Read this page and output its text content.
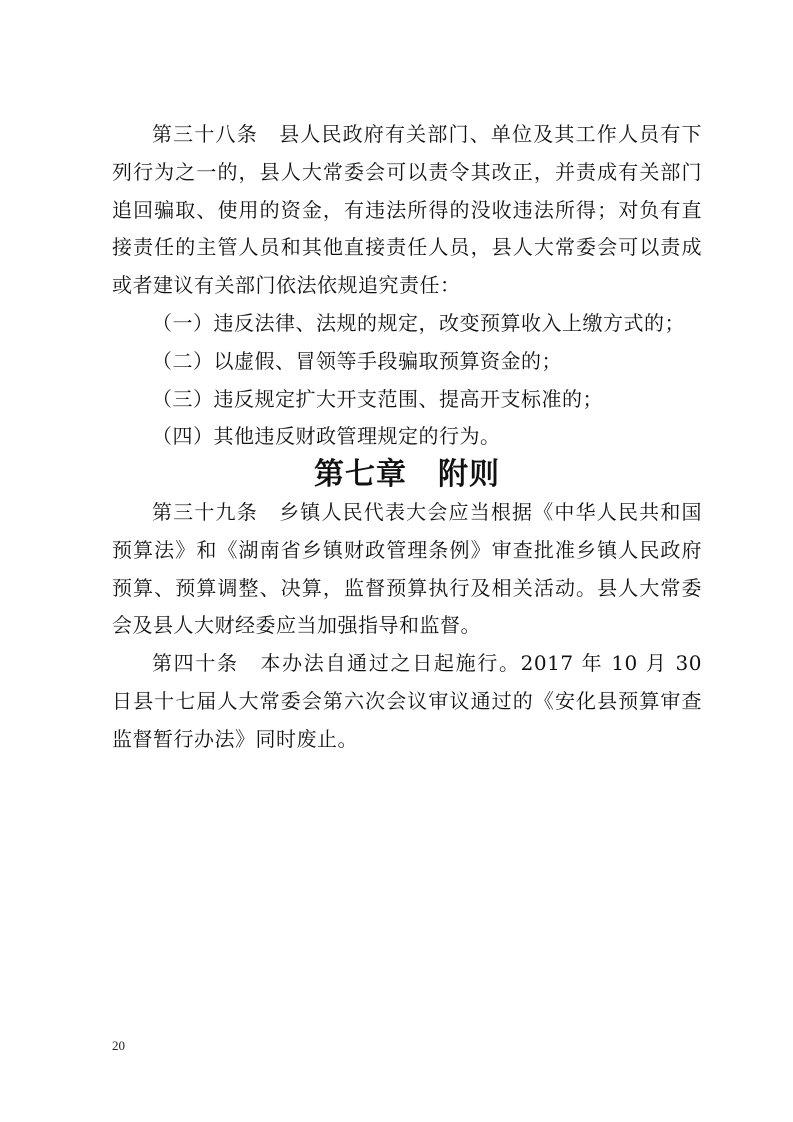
第三十八条　县人民政府有关部门、单位及其工作人员有下列行为之一的，县人大常委会可以责令其改正，并责成有关部门追回骗取、使用的资金，有违法所得的没收违法所得；对负有直接责任的主管人员和其他直接责任人员，县人大常委会可以责成或者建议有关部门依法依规追究责任：

（一）违反法律、法规的规定，改变预算收入上缴方式的；

（二）以虚假、冒领等手段骗取预算资金的；

（三）违反规定扩大开支范围、提高开支标准的；

（四）其他违反财政管理规定的行为。

第七章　附则

第三十九条　乡镇人民代表大会应当根据《中华人民共和国预算法》和《湖南省乡镇财政管理条例》审查批准乡镇人民政府预算、预算调整、决算，监督预算执行及相关活动。县人大常委会及县人大财经委应当加强指导和监督。

第四十条　本办法自通过之日起施行。2017 年 10 月 30 日县十七届人大常委会第六次会议审议通过的《安化县预算审查监督暂行办法》同时废止。

20
